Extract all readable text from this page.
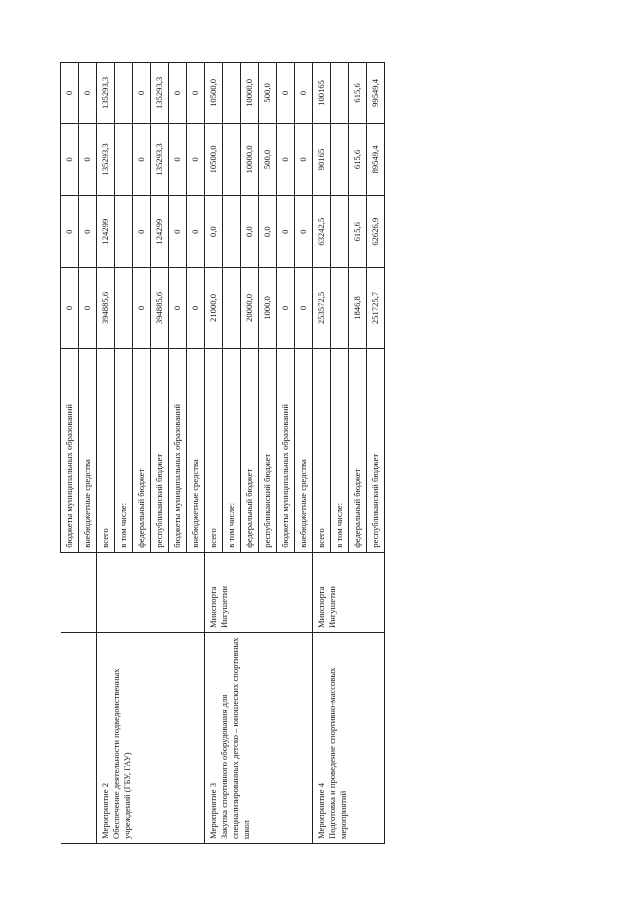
		бюджеты муниципальных образований	0	0	0	0
		внебюджетные средства	0	0	0	0
Мероприятие 2
Обеспечение деятельности подведомственных учреждений (ГБУ, ГАУ)		всего	394885,6	124299	135293,3	135293,3
		в том числе:				
		федеральный бюджет	0	0	0	0
		республиканский бюджет	394885,6	124299	135293,3	135293,3
		бюджеты муниципальных образований	0	0	0	0
		внебюджетные средства	0	0	0	0
Мероприятие 3
Закупка спортивного оборудования для специализированных детско – юношеских спортивных школ	Минспорта Ингушетии	всего	21000,0	0,0	10500,0	10500,0
		в том числе:				
		федеральный бюджет	20000,0	0,0	10000,0	10000,0
		республиканский бюджет	1000,0	0,0	500,0	500,0
		бюджеты муниципальных образований	0	0	0	0
		внебюджетные средства	0	0	0	0
Мероприятие 4
Подготовка и проведение спортивно-массовых мероприятий	Минспорта Ингушетии	всего	253572,5	63242,5	90165	100165
		в том числе:				
		федеральный бюджет	1846,8	615,6	615,6	615,6
		республиканский бюджет	251725,7	62626,9	89549,4	99549,4
